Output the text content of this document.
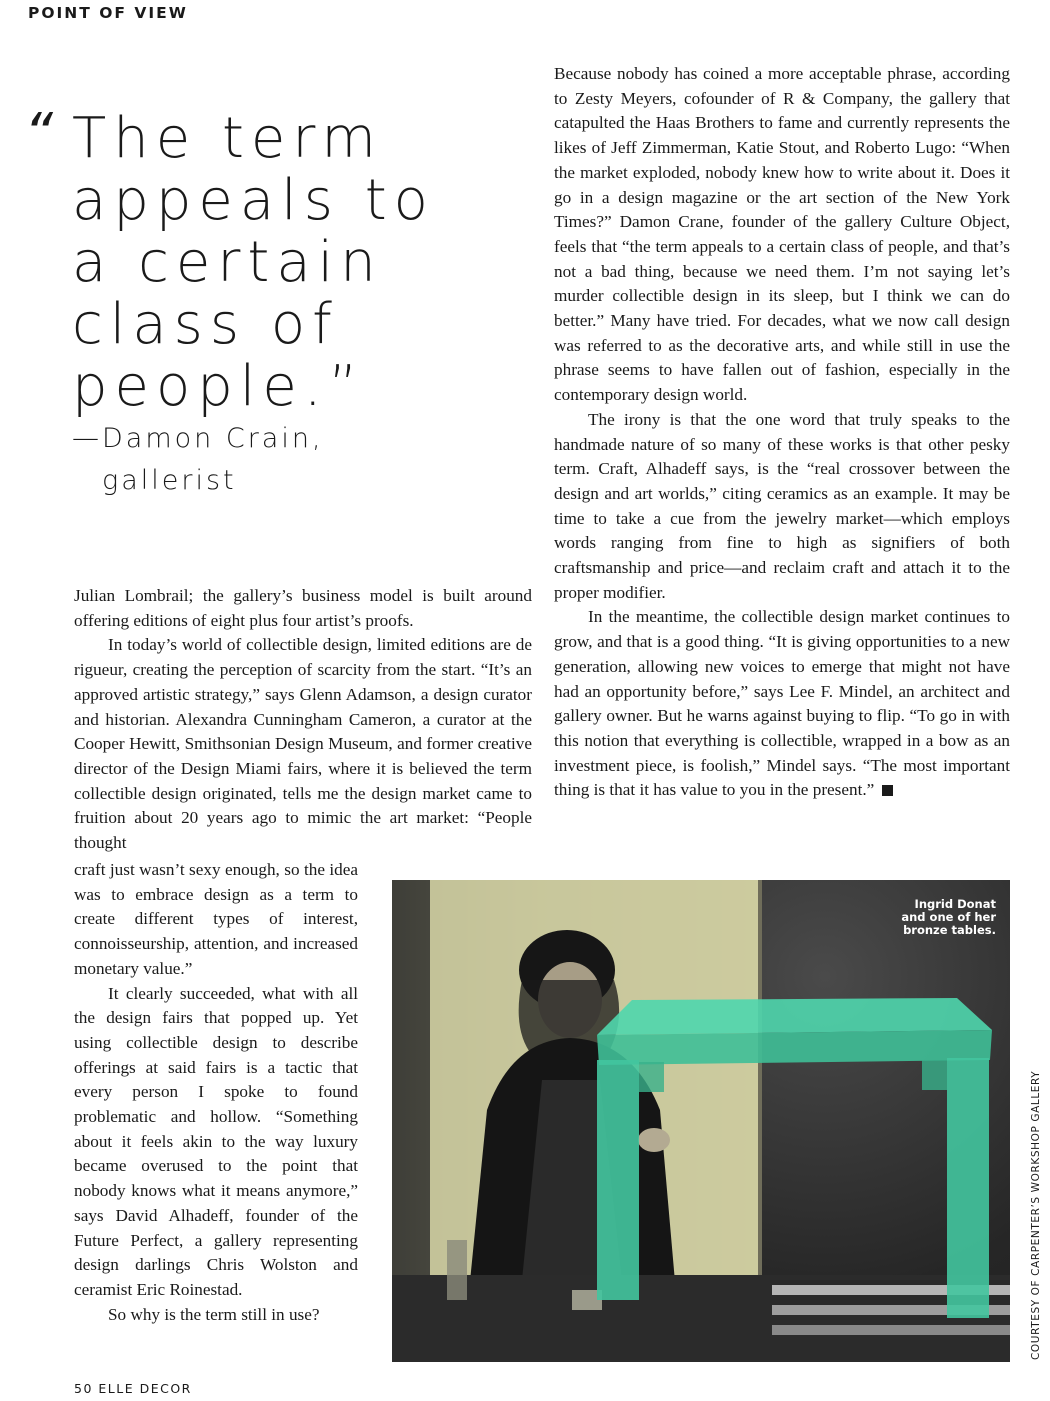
POINT OF VIEW
“ The term
appeals to
a certain
class of
people.”
—Damon Crain,
gallerist

Julian Lombrail; the gallery’s business model is built around offering editions of eight plus four artist’s proofs.

In today’s world of collectible design, limited editions are de rigueur, creating the perception of scarcity from the start. “It’s an approved artistic strategy,” says Glenn Adamson, a design curator and historian. Alexandra Cunningham Cameron, a curator at the Cooper Hewitt, Smithsonian Design Museum, and former creative director of the Design Miami fairs, where it is believed the term collectible design originated, tells me the design market came to fruition about 20 years ago to mimic the art market: “People thought

craft just wasn’t sexy enough, so the idea was to embrace design as a term to create different types of interest, connoisseurship, attention, and increased monetary value.”

It clearly succeeded, what with all the design fairs that popped up. Yet using collectible design to describe offerings at said fairs is a tactic that every person I spoke to found problematic and hollow. “Something about it feels akin to the way luxury became overused to the point that nobody knows what it means anymore,” says David Alhadeff, founder of the Future Perfect, a gallery representing design darlings Chris Wolston and ceramist Eric Roinestad.

So why is the term still in use?

Because nobody has coined a more acceptable phrase, according to Zesty Meyers, cofounder of R & Company, the gallery that catapulted the Haas Brothers to fame and currently represents the likes of Jeff Zimmerman, Katie Stout, and Roberto Lugo: “When the market exploded, nobody knew how to write about it. Does it go in a design magazine or the art section of the New York Times?” Damon Crane, founder of the gallery Culture Object, feels that “the term appeals to a certain class of people, and that’s not a bad thing, because we need them. I’m not saying let’s murder collectible design in its sleep, but I think we can do better.” Many have tried. For decades, what we now call design was referred to as the decorative arts, and while still in use the phrase seems to have fallen out of fashion, especially in the contemporary design world.

The irony is that the one word that truly speaks to the handmade nature of so many of these works is that other pesky term. Craft, Alhadeff says, is the “real crossover between the design and art worlds,” citing ceramics as an example. It may be time to take a cue from the jewelry market—which employs words ranging from fine to high as signifiers of both craftsmanship and price—and reclaim craft and attach it to the proper modifier.

In the meantime, the collectible design market continues to grow, and that is a good thing. “It is giving opportunities to a new generation, allowing new voices to emerge that might not have had an opportunity before,” says Lee F. Mindel, an architect and gallery owner. But he warns against buying to flip. “To go in with this notion that everything is collectible, wrapped in a bow as an investment piece, is foolish,” Mindel says. “The most important thing is that it has value to you in the present.”

Ingrid Donat
and one of her
bronze tables.
COURTESY OF CARPENTER’S WORKSHOP GALLERY
50 ELLE DECOR
